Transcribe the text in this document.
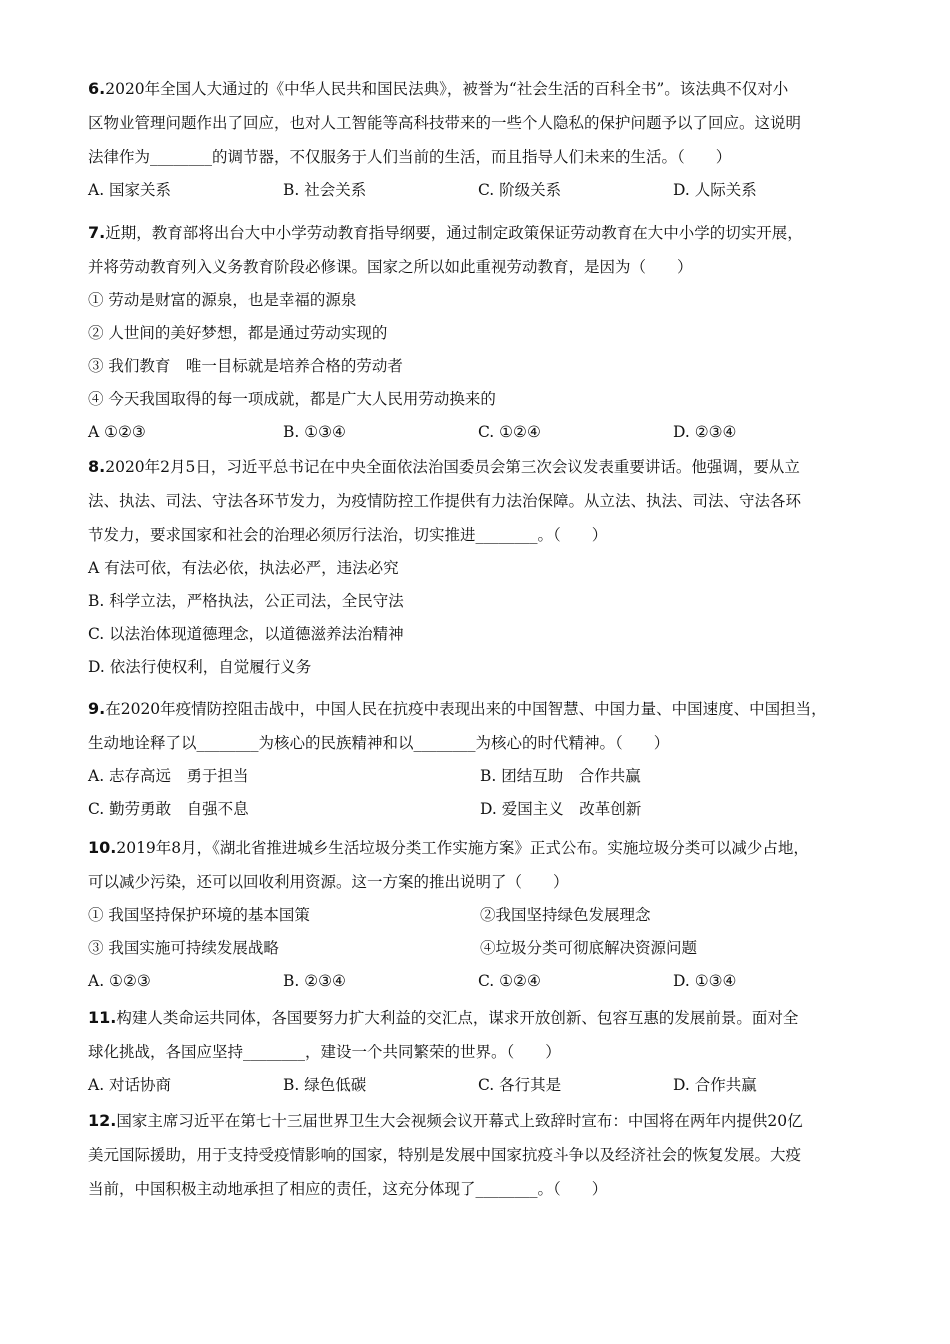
6.2020年全国人大通过的《中华人民共和国民法典》，被誉为“社会生活的百科全书”。该法典不仅对小
区物业管理问题作出了回应，也对人工智能等高科技带来的一些个人隐私的保护问题予以了回应。这说明
法律作为________的调节器，不仅服务于人们当前的生活，而且指导人们未来的生活。（　　）
A. 国家关系	B. 社会关系	C. 阶级关系	D. 人际关系
7.近期，教育部将出台大中小学劳动教育指导纲要，通过制定政策保证劳动教育在大中小学的切实开展，
并将劳动教育列入义务教育阶段必修课。国家之所以如此重视劳动教育，是因为（　　）
① 劳动是财富的源泉，也是幸福的源泉
② 人世间的美好梦想，都是通过劳动实现的
③ 我们教育　唯一目标就是培养合格的劳动者
④ 今天我国取得的每一项成就，都是广大人民用劳动换来的
A ①②③	B. ①③④	C. ①②④	D. ②③④
8.2020年2月5日，习近平总书记在中央全面依法治国委员会第三次会议发表重要讲话。他强调，要从立
法、执法、司法、守法各环节发力，为疫情防控工作提供有力法治保障。从立法、执法、司法、守法各环
节发力，要求国家和社会的治理必须厉行法治，切实推进________。（　　）
A 有法可依，有法必依，执法必严，违法必究
B. 科学立法，严格执法，公正司法，全民守法
C. 以法治体现道德理念，以道德滋养法治精神
D. 依法行使权利，自觉履行义务
9.在2020年疫情防控阻击战中，中国人民在抗疫中表现出来的中国智慧、中国力量、中国速度、中国担当，
生动地诠释了以________为核心的民族精神和以________为核心的时代精神。（　　）
A. 志存高远　勇于担当	B. 团结互助　合作共赢
C. 勤劳勇敢　自强不息	D. 爱国主义　改革创新
10.2019年8月，《湖北省推进城乡生活垃圾分类工作实施方案》正式公布。实施垃圾分类可以减少占地，
可以减少污染，还可以回收利用资源。这一方案的推出说明了（　　）
① 我国坚持保护环境的基本国策	②我国坚持绿色发展理念
③ 我国实施可持续发展战略	④垃圾分类可彻底解决资源问题
A. ①②③	B. ②③④	C. ①②④	D. ①③④
11.构建人类命运共同体，各国要努力扩大利益的交汇点，谋求开放创新、包容互惠的发展前景。面对全
球化挑战，各国应坚持________，建设一个共同繁荣的世界。（　　）
A. 对话协商	B. 绿色低碳	C. 各行其是	D. 合作共赢
12.国家主席习近平在第七十三届世界卫生大会视频会议开幕式上致辞时宣布：中国将在两年内提供20亿
美元国际援助，用于支持受疫情影响的国家，特别是发展中国家抗疫斗争以及经济社会的恢复发展。大疫
当前，中国积极主动地承担了相应的责任，这充分体现了________。（　　）
